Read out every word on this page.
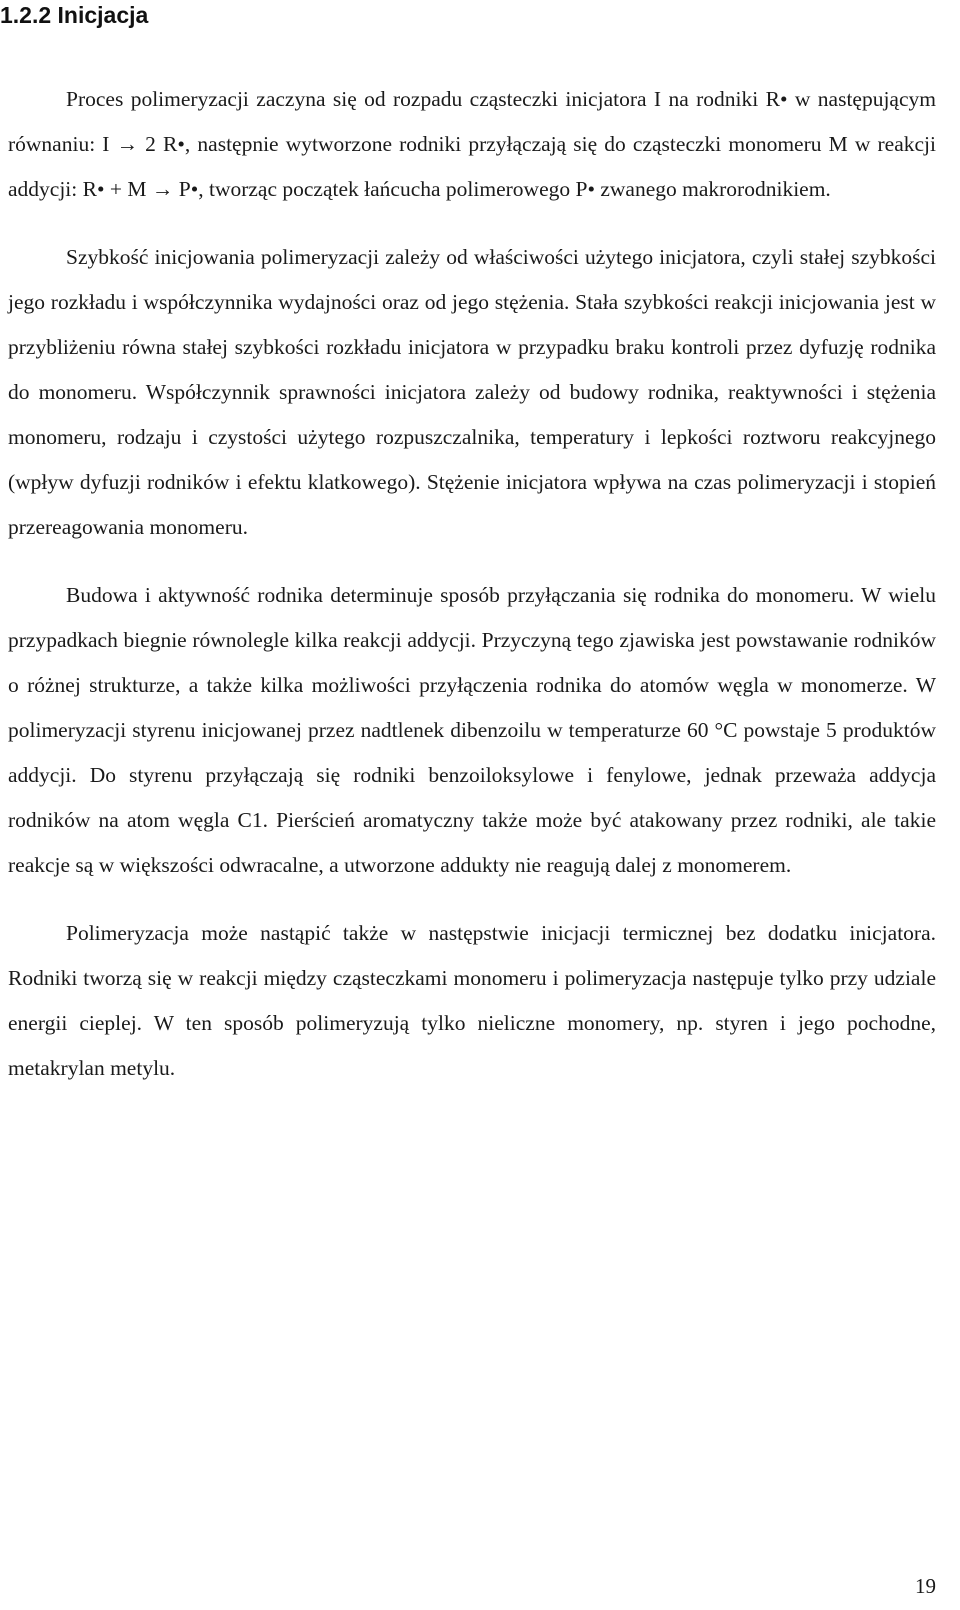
1.2.2 Inicjacja

Proces polimeryzacji zaczyna się od rozpadu cząsteczki inicjatora I na rodniki R• w następującym równaniu: I → 2 R•, następnie wytworzone rodniki przyłączają się do cząsteczki monomeru M w reakcji addycji: R• + M → P•, tworząc początek łańcucha polimerowego P• zwanego makrorodnikiem.

Szybkość inicjowania polimeryzacji zależy od właściwości użytego inicjatora, czyli stałej szybkości jego rozkładu i współczynnika wydajności oraz od jego stężenia. Stała szybkości reakcji inicjowania jest w przybliżeniu równa stałej szybkości rozkładu inicjatora w przypadku braku kontroli przez dyfuzję rodnika do monomeru. Współczynnik sprawności inicjatora zależy od budowy rodnika, reaktywności i stężenia monomeru, rodzaju i czystości użytego rozpuszczalnika, temperatury i lepkości roztworu reakcyjnego (wpływ dyfuzji rodników i efektu klatkowego). Stężenie inicjatora wpływa na czas polimeryzacji i stopień przereagowania monomeru.

Budowa i aktywność rodnika determinuje sposób przyłączania się rodnika do monomeru. W wielu przypadkach biegnie równolegle kilka reakcji addycji. Przyczyną tego zjawiska jest powstawanie rodników o różnej strukturze, a także kilka możliwości przyłączenia rodnika do atomów węgla w monomerze. W polimeryzacji styrenu inicjowanej przez nadtlenek dibenzoilu w temperaturze 60 °C powstaje 5 produktów addycji. Do styrenu przyłączają się rodniki benzoiloksylowe i fenylowe, jednak przeważa addycja rodników na atom węgla C1. Pierścień aromatyczny także może być atakowany przez rodniki, ale takie reakcje są w większości odwracalne, a utworzone addukty nie reagują dalej z monomerem.

Polimeryzacja może nastąpić także w następstwie inicjacji termicznej bez dodatku inicjatora. Rodniki tworzą się w reakcji między cząsteczkami monomeru i polimeryzacja następuje tylko przy udziale energii cieplej. W ten sposób polimeryzują tylko nieliczne monomery, np. styren i jego pochodne, metakrylan metylu.

19
